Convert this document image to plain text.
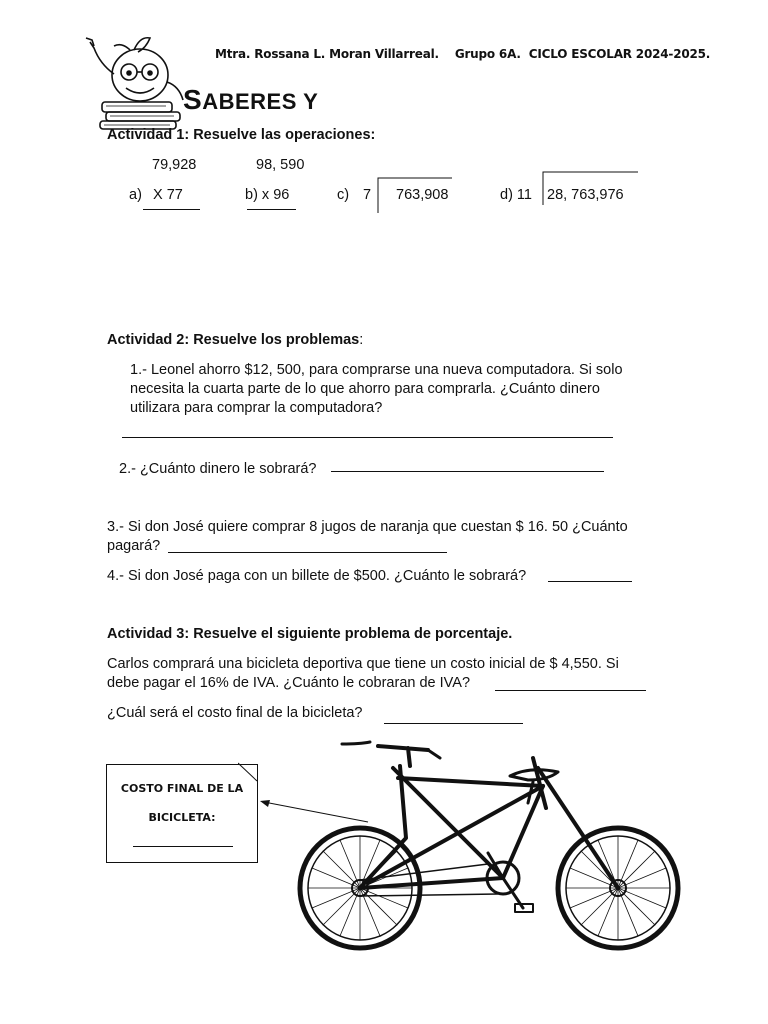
Mtra. Rossana L. Moran Villarreal. Grupo 6A. CICLO ESCOLAR 2024-2025.
SABERES Y
Actividad 1: Resuelve las operaciones:
79,928	98, 590
a) X 77	b) x 96	c) 7 763,908	d) 11 28, 763,976
Actividad 2: Resuelve los problemas:
1.- Leonel ahorro $12, 500, para comprarse una nueva computadora. Si solo necesita la cuarta parte de lo que ahorro para comprarla. ¿Cuánto dinero utilizara para comprar la computadora?
2.- ¿Cuánto dinero le sobrará?
3.- Si don José quiere comprar 8 jugos de naranja que cuestan $ 16. 50 ¿Cuánto
pagará?
4.- Si don José paga con un billete de $500. ¿Cuánto le sobrará?
Actividad 3: Resuelve el siguiente problema de porcentaje.
Carlos comprará una bicicleta deportiva que tiene un costo inicial de $ 4,550. Si
debe pagar el 16% de IVA. ¿Cuánto le cobraran de IVA?
¿Cuál será el costo final de la bicicleta?
COSTO FINAL DE LA
BICICLETA:
